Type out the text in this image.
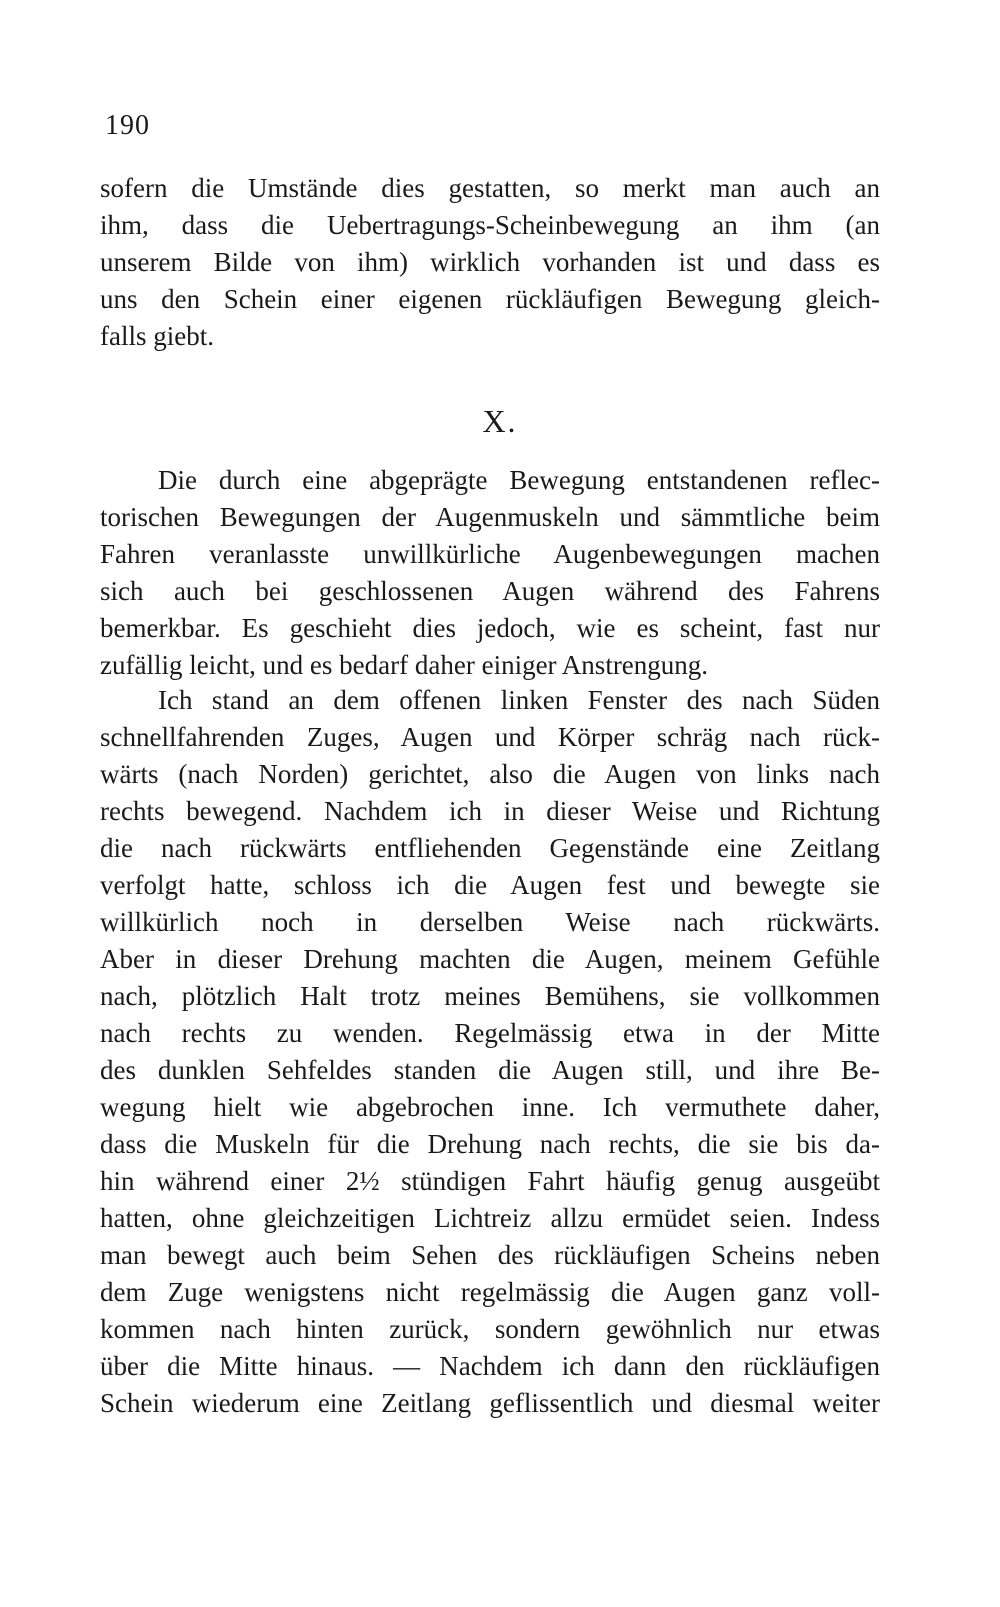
190
sofern die Umstände dies gestatten, so merkt man auch an
ihm, dass die Uebertragungs-Scheinbewegung an ihm (an
unserem Bilde von ihm) wirklich vorhanden ist und dass es
uns den Schein einer eigenen rückläufigen Bewegung gleich-
falls giebt.
X.
Die durch eine abgeprägte Bewegung entstandenen reflec-
torischen Bewegungen der Augenmuskeln und sämmtliche beim
Fahren veranlasste unwillkürliche Augenbewegungen machen
sich auch bei geschlossenen Augen während des Fahrens
bemerkbar. Es geschieht dies jedoch, wie es scheint, fast nur
zufällig leicht, und es bedarf daher einiger Anstrengung.
Ich stand an dem offenen linken Fenster des nach Süden
schnellfahrenden Zuges, Augen und Körper schräg nach rück-
wärts (nach Norden) gerichtet, also die Augen von links nach
rechts bewegend. Nachdem ich in dieser Weise und Richtung
die nach rückwärts entfliehenden Gegenstände eine Zeitlang
verfolgt hatte, schloss ich die Augen fest und bewegte sie
willkürlich noch in derselben Weise nach rückwärts.
Aber in dieser Drehung machten die Augen, meinem Gefühle
nach, plötzlich Halt trotz meines Bemühens, sie vollkommen
nach rechts zu wenden. Regelmässig etwa in der Mitte
des dunklen Sehfeldes standen die Augen still, und ihre Be-
wegung hielt wie abgebrochen inne. Ich vermuthete daher,
dass die Muskeln für die Drehung nach rechts, die sie bis da-
hin während einer 2½ stündigen Fahrt häufig genug ausgeübt
hatten, ohne gleichzeitigen Lichtreiz allzu ermüdet seien. Indess
man bewegt auch beim Sehen des rückläufigen Scheins neben
dem Zuge wenigstens nicht regelmässig die Augen ganz voll-
kommen nach hinten zurück, sondern gewöhnlich nur etwas
über die Mitte hinaus. — Nachdem ich dann den rückläufigen
Schein wiederum eine Zeitlang geflissentlich und diesmal weiter
